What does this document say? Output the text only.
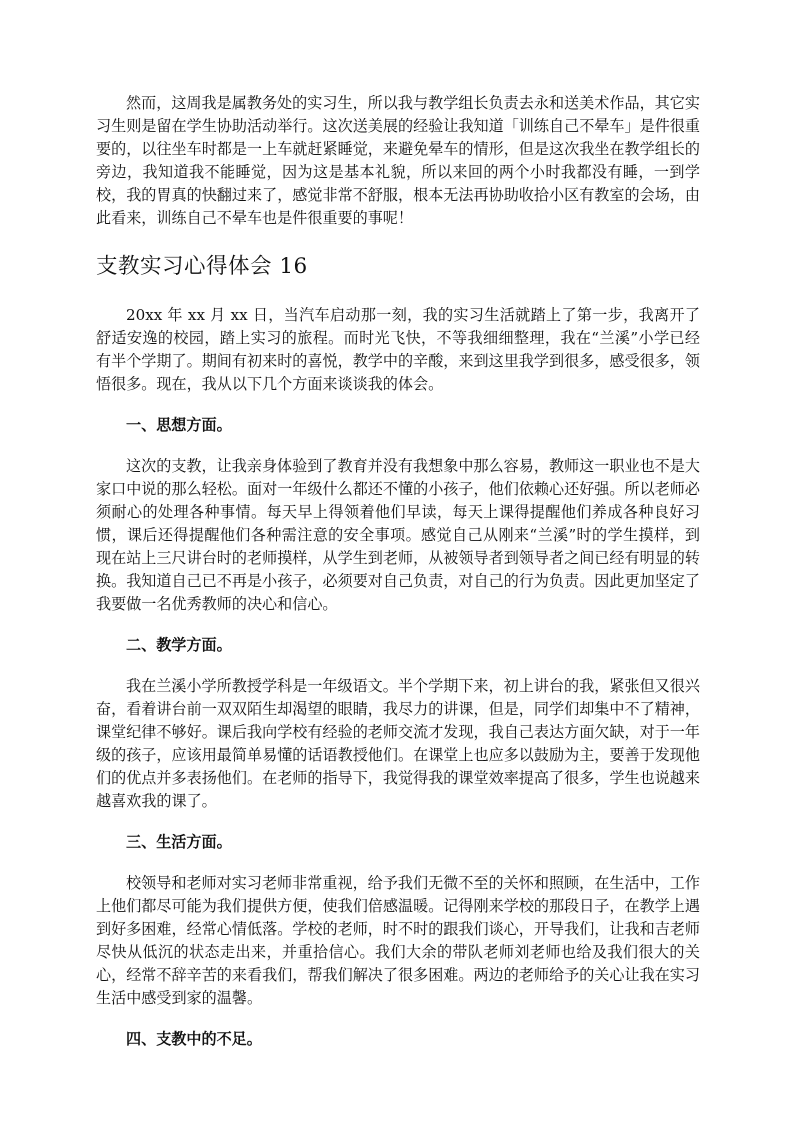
然而，这周我是属教务处的实习生，所以我与教学组长负责去永和送美术作品，其它实习生则是留在学生协助活动举行。这次送美展的经验让我知道「训练自己不晕车」是件很重要的，以往坐车时都是一上车就赶紧睡觉，来避免晕车的情形，但是这次我坐在教学组长的旁边，我知道我不能睡觉，因为这是基本礼貌，所以来回的两个小时我都没有睡，一到学校，我的胃真的快翻过来了，感觉非常不舒服，根本无法再协助收拾小区有教室的会场，由此看来，训练自己不晕车也是件很重要的事呢！

支教实习心得体会 16

20xx 年 xx 月 xx 日，当汽车启动那一刻，我的实习生活就踏上了第一步，我离开了舒适安逸的校园，踏上实习的旅程。而时光飞快，不等我细细整理，我在“兰溪”小学已经有半个学期了。期间有初来时的喜悦，教学中的辛酸，来到这里我学到很多，感受很多，领悟很多。现在，我从以下几个方面来谈谈我的体会。

一、思想方面。

这次的支教，让我亲身体验到了教育并没有我想象中那么容易，教师这一职业也不是大家口中说的那么轻松。面对一年级什么都还不懂的小孩子，他们依赖心还好强。所以老师必须耐心的处理各种事情。每天早上得领着他们早读，每天上课得提醒他们养成各种良好习惯，课后还得提醒他们各种需注意的安全事项。感觉自己从刚来“兰溪”时的学生摸样，到现在站上三尺讲台时的老师摸样，从学生到老师，从被领导者到领导者之间已经有明显的转换。我知道自己已不再是小孩子，必须要对自己负责，对自己的行为负责。因此更加坚定了我要做一名优秀教师的决心和信心。

二、教学方面。

我在兰溪小学所教授学科是一年级语文。半个学期下来，初上讲台的我，紧张但又很兴奋，看着讲台前一双双陌生却渴望的眼睛，我尽力的讲课，但是，同学们却集中不了精神，课堂纪律不够好。课后我向学校有经验的老师交流才发现，我自己表达方面欠缺，对于一年级的孩子，应该用最简单易懂的话语教授他们。在课堂上也应多以鼓励为主，要善于发现他们的优点并多表扬他们。在老师的指导下，我觉得我的课堂效率提高了很多，学生也说越来越喜欢我的课了。

三、生活方面。

校领导和老师对实习老师非常重视，给予我们无微不至的关怀和照顾，在生活中，工作上他们都尽可能为我们提供方便，使我们倍感温暖。记得刚来学校的那段日子，在教学上遇到好多困难，经常心情低落。学校的老师，时不时的跟我们谈心，开导我们，让我和吉老师尽快从低沉的状态走出来，并重拾信心。我们大余的带队老师刘老师也给及我们很大的关心，经常不辞辛苦的来看我们，帮我们解决了很多困难。两边的老师给予的关心让我在实习生活中感受到家的温馨。

四、支教中的不足。
